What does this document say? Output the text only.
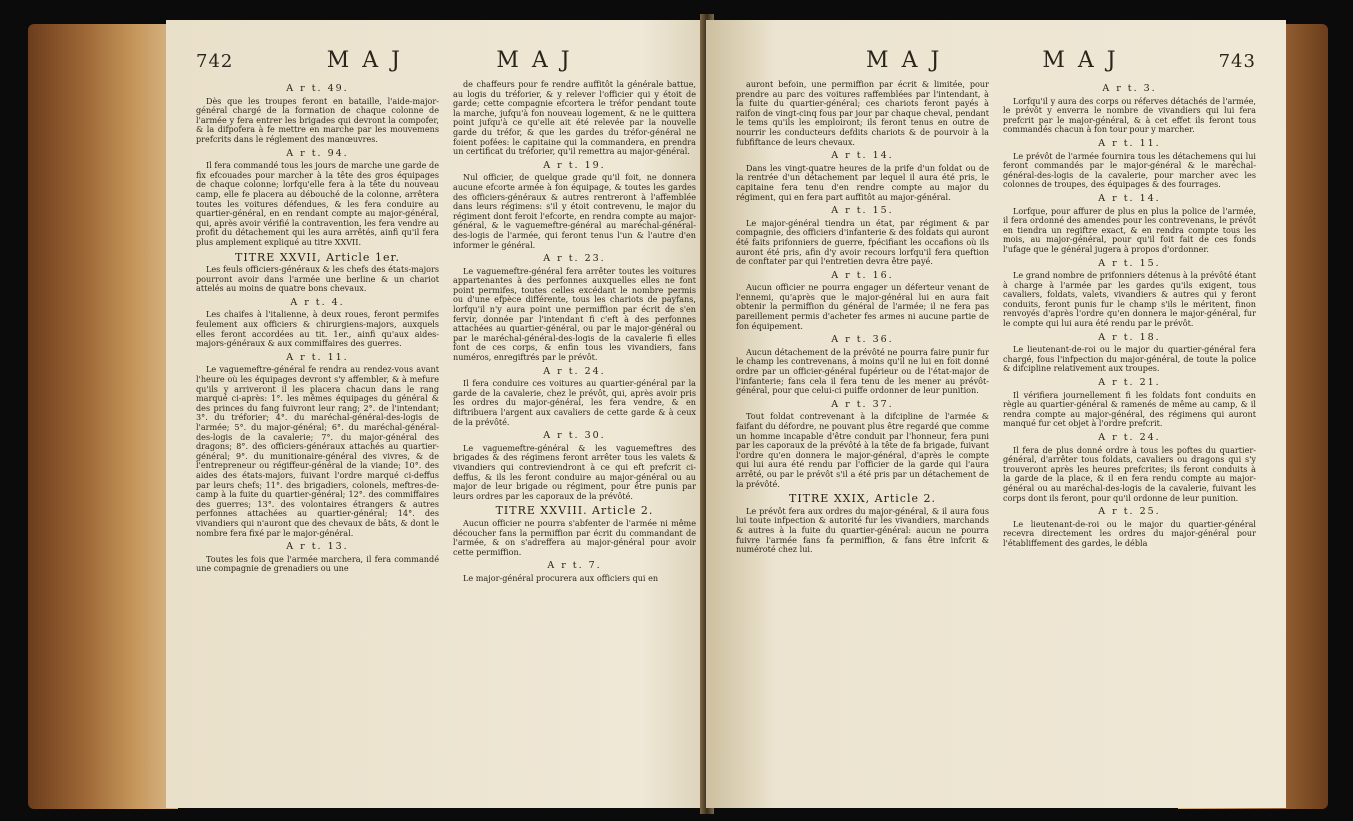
742	M A J	M A J
A r t. 49.

Dès que les troupes feront en bataille, l'aide-major-général chargé de la formation de chaque colonne de l'armée y fera entrer les brigades qui devront la compofer, & la difpofera à fe mettre en marche par les mouvemens prefcrits dans le réglement des manœuvres.

A r t. 94.

Il fera commandé tous les jours de marche une garde de fix efcouades pour marcher à la tête des gros équipages de chaque colonne; lorfqu'elle fera à la tête du nouveau camp, elle fe placera au débouché de la colonne, arrêtera toutes les voitures défendues, & les fera conduire au quartier-général, en en rendant compte au major-général, qui, après avoir vérifié la contravention, les fera vendre au profit du détachement qui les aura arrêtés, ainfi qu'il fera plus amplement expliqué au titre XXVII.

TITRE XXVII, Article 1er.

Les feuls officiers-généraux & les chefs des états-majors pourront avoir dans l'armée une berline & un chariot attelés au moins de quatre bons chevaux.

A r t. 4.

Les chaifes à l'italienne, à deux roues, feront permifes feulement aux officiers & chirurgiens-majors, auxquels elles feront accordées au tit. 1er., ainfi qu'aux aides-majors-généraux & aux commiffaires des guerres.

A r t. 11.

Le vaguemeftre-général fe rendra au rendez-vous avant l'heure où les équipages devront s'y affembler, & à mefure qu'ils y arriveront il les placera chacun dans le rang marqué ci-après: 1°. les mêmes équipages du général & des princes du fang fuivront leur rang; 2°. de l'intendant; 3°. du tréforier; 4°. du maréchal-général-des-logis de l'armée; 5°. du major-général; 6°. du maréchal-général-des-logis de la cavalerie; 7°. du major-général des dragons; 8°. des officiers-généraux attachés au quartier-général; 9°. du munitionaire-général des vivres, & de l'entrepreneur ou régiffeur-général de la viande; 10°. des aides des états-majors, fuivant l'ordre marqué ci-deffus par leurs chefs; 11°. des brigadiers, colonels, meftres-de-camp à la fuite du quartier-général; 12°. des commiffaires des guerres; 13°. des volontaires étrangers & autres perfonnes attachées au quartier-général; 14°. des vivandiers qui n'auront que des chevaux de bâts, & dont le nombre fera fixé par le major-général.

A r t. 13.

Toutes les fois que l'armée marchera, il fera commandé une compagnie de grenadiers ou une

de chaffeurs pour fe rendre auffitôt la générale battue, au logis du tréforier, & y relever l'officier qui y étoit de garde; cette compagnie efcortera le tréfor pendant toute la marche, jufqu'à fon nouveau logement, & ne le quittera point jufqu'à ce qu'elle ait été relevée par la nouvelle garde du tréfor, & que les gardes du tréfor-général ne foient pofées: le capitaine qui la commandera, en prendra un certificat du tréforier, qu'il remettra au major-général.

A r t. 19.

Nul officier, de quelque grade qu'il foit, ne donnera aucune efcorte armée à fon équipage, & toutes les gardes des officiers-généraux & autres rentreront à l'affemblée dans leurs régimens: s'il y étoit contrevenu, le major du régiment dont feroit l'efcorte, en rendra compte au major-général, & le vaguemeftre-général au maréchal-général-des-logis de l'armée, qui feront tenus l'un & l'autre d'en informer le général.

A r t. 23.

Le vaguemeftre-général fera arrêter toutes les voitures appartenantes à des perfonnes auxquelles elles ne font point permifes, toutes celles excédant le nombre permis ou d'une efpèce différente, tous les chariots de payfans, lorfqu'il n'y aura point une permiffion par écrit de s'en fervir, donnée par l'intendant fi c'eft à des perfonnes attachées au quartier-général, ou par le major-général ou par le maréchal-général-des-logis de la cavalerie fi elles font de ces corps, & enfin tous les vivandiers, fans numéros, enregiftrés par le prévôt.

A r t. 24.

Il fera conduire ces voitures au quartier-général par la garde de la cavalerie, chez le prévôt, qui, après avoir pris les ordres du major-général, les fera vendre, & en diftribuera l'argent aux cavaliers de cette garde & à ceux de la prévôté.

A r t. 30.

Le vaguemeftre-général & les vaguemeftres des brigades & des régimens feront arrêter tous les valets & vivandiers qui contreviendront à ce qui eft prefcrit ci-deffus, & ils les feront conduire au major-général ou au major de leur brigade ou régiment, pour être punis par leurs ordres par les caporaux de la prévôté.

TITRE XXVIII. Article 2.

Aucun officier ne pourra s'abfenter de l'armée ni même découcher fans la permiffion par écrit du commandant de l'armée, & on s'adreffera au major-général pour avoir cette permiffion.

A r t. 7.

Le major-général procurera aux officiers qui en

M A J	M A J	743

auront befoin, une permiffion par écrit & limitée, pour prendre au parc des voitures raffemblées par l'intendant, à la fuite du quartier-général; ces chariots feront payés à raifon de vingt-cinq fous par jour par chaque cheval, pendant le tems qu'ils les emploiront; ils feront tenus en outre de nourrir les conducteurs defdits chariots & de pourvoir à la fubfiftance de leurs chevaux.

A r t. 14.

Dans les vingt-quatre heures de la prife d'un foldat ou de la rentrée d'un détachement par lequel il aura été pris, le capitaine fera tenu d'en rendre compte au major du régiment, qui en fera part auffitôt au major-général.

A r t. 15.

Le major-général tiendra un état, par régiment & par compagnie, des officiers d'infanterie & des foldats qui auront été faits prifonniers de guerre, fpécifiant les occafions où ils auront été pris, afin d'y avoir recours lorfqu'il fera queftion de conftater par qui l'entretien devra être payé.

A r t. 16.

Aucun officier ne pourra engager un déferteur venant de l'ennemi, qu'après que le major-général lui en aura fait obtenir la permiffion du général de l'armée; il ne fera pas pareillement permis d'acheter fes armes ni aucune partie de fon équipement.

A r t. 36.

Aucun détachement de la prévôté ne pourra faire punir fur le champ les contrevenans, à moins qu'il ne lui en foit donné ordre par un officier-général fupérieur ou de l'état-major de l'infanterie; fans cela il fera tenu de les mener au prévôt-général, pour que celui-ci puiffe ordonner de leur punition.

A r t. 37.

Tout foldat contrevenant à la difcipline de l'armée & faifant du défordre, ne pouvant plus être regardé que comme un homme incapable d'être conduit par l'honneur, fera puni par les caporaux de la prévôté à la tête de fa brigade, fuivant l'ordre qu'en donnera le major-général, d'après le compte qui lui aura été rendu par l'officier de la garde qui l'aura arrêté, ou par le prévôt s'il a été pris par un détachement de la prévôté.

TITRE XXIX, Article 2.

Le prévôt fera aux ordres du major-général, & il aura fous lui toute infpection & autorité fur les vivandiers, marchands & autres à la fuite du quartier-général: aucun ne pourra fuivre l'armée fans fa permiffion, & fans être infcrit & numéroté chez lui.

A r t. 3.

Lorfqu'il y aura des corps ou réferves détachés de l'armée, le prévôt y enverra le nombre de vivandiers qui lui fera prefcrit par le major-général, & à cet effet ils feront tous commandés chacun à fon tour pour y marcher.

A r t. 11.

Le prévôt de l'armée fournira tous les détachemens qui lui feront commandés par le major-général & le maréchal-général-des-logis de la cavalerie, pour marcher avec les colonnes de troupes, des équipages & des fourrages.

A r t. 14.

Lorfque, pour affurer de plus en plus la police de l'armée, il fera ordonné des amendes pour les contrevenans, le prévôt en tiendra un regiftre exact, & en rendra compte tous les mois, au major-général, pour qu'il foit fait de ces fonds l'ufage que le général jugera à propos d'ordonner.

A r t. 15.

Le grand nombre de prifonniers détenus à la prévôté étant à charge à l'armée par les gardes qu'ils exigent, tous cavaliers, foldats, valets, vivandiers & autres qui y feront conduits, feront punis fur le champ s'ils le méritent, finon renvoyés d'après l'ordre qu'en donnera le major-général, fur le compte qui lui aura été rendu par le prévôt.

A r t. 18.

Le lieutenant-de-roi ou le major du quartier-général fera chargé, fous l'infpection du major-général, de toute la police & difcipline relativement aux troupes.

A r t. 21.

Il vérifiera journellement fi les foldats font conduits en règle au quartier-général & ramenés de même au camp, & il rendra compte au major-général, des régimens qui auront manqué fur cet objet à l'ordre prefcrit.

A r t. 24.

Il fera de plus donné ordre à tous les poftes du quartier-général, d'arrêter tous foldats, cavaliers ou dragons qui s'y trouveront après les heures prefcrites; ils feront conduits à la garde de la place, & il en fera rendu compte au major-général ou au maréchal-des-logis de la cavalerie, fuivant les corps dont ils feront, pour qu'il ordonne de leur punition.

A r t. 25.

Le lieutenant-de-roi ou le major du quartier-général recevra directement les ordres du major-général pour l'établiffement des gardes, le débla
